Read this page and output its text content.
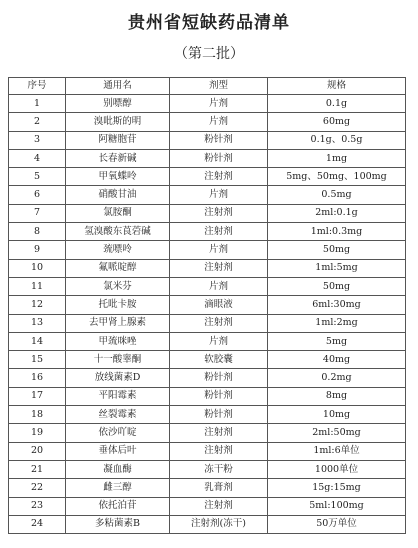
贵州省短缺药品清单
（第二批）
序号	通用名	剂型	规格
1	别嘌醇	片剂	0.1g
2	溴吡斯的明	片剂	60mg
3	阿糖胞苷	粉针剂	0.1g、0.5g
4	长春新碱	粉针剂	1mg
5	甲氧蝶呤	注射剂	5mg、50mg、100mg
6	硝酸甘油	片剂	0.5mg
7	氯胺酮	注射剂	2ml:0.1g
8	氢溴酸东莨菪碱	注射剂	1ml:0.3mg
9	巯嘌呤	片剂	50mg
10	氟哌啶醇	注射剂	1ml:5mg
11	氯米芬	片剂	50mg
12	托吡卡胺	滴眼液	6ml:30mg
13	去甲肾上腺素	注射剂	1ml:2mg
14	甲巯咪唑	片剂	5mg
15	十一酸睾酮	软胶囊	40mg
16	放线菌素D	粉针剂	0.2mg
17	平阳霉素	粉针剂	8mg
18	丝裂霉素	粉针剂	10mg
19	依沙吖啶	注射剂	2ml:50mg
20	垂体后叶	注射剂	1ml:6单位
21	凝血酶	冻干粉	1000单位
22	雌三醇	乳膏剂	15g:15mg
23	依托泊苷	注射剂	5ml:100mg
24	多粘菌素B	注射剂(冻干)	50万单位
